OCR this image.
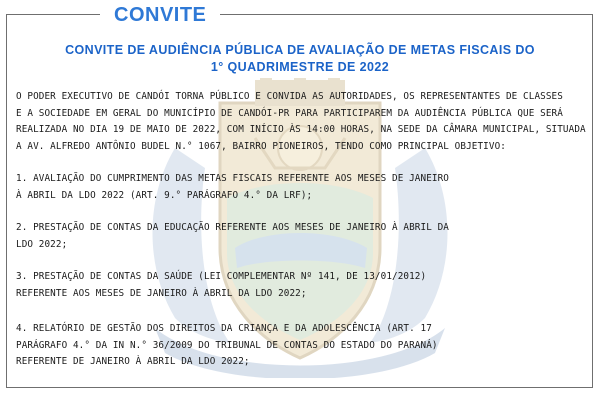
CONVITE
CONVITE DE AUDIÊNCIA PÚBLICA DE AVALIAÇÃO DE METAS FISCAIS DO
1° QUADRIMESTRE DE 2022
O PODER EXECUTIVO DE CANDÓI TORNA PÚBLICO E CONVIDA AS AUTORIDADES, OS REPRESENTANTES DE CLASSES
E A SOCIEDADE EM GERAL DO MUNICÍPIO DE CANDÓI-PR PARA PARTICIPAREM DA AUDIÊNCIA PÚBLICA QUE SERÁ
REALIZADA NO DIA 19 DE MAIO DE 2022, COM INÍCIO ÀS 14:00 HORAS, NA SEDE DA CÂMARA MUNICIPAL, SITUADA
A AV. ALFREDO ANTÔNIO BUDEL N.° 1067, BAIRRO PIONEIROS, TENDO COMO PRINCIPAL OBJETIVO:
1. AVALIAÇÃO DO CUMPRIMENTO DAS METAS FISCAIS REFERENTE AOS MESES DE JANEIRO
À ABRIL DA LDO 2022 (ART. 9.° PARÁGRAFO 4.° DA LRF);
2. PRESTAÇÃO DE CONTAS DA EDUCAÇÃO REFERENTE AOS MESES DE JANEIRO À ABRIL DA
LDO 2022;
3. PRESTAÇÃO DE CONTAS DA SAÚDE (LEI COMPLEMENTAR Nº 141, DE 13/01/2012)
REFERENTE AOS MESES DE JANEIRO À ABRIL DA LDO 2022;
4. RELATÓRIO DE GESTÃO DOS DIREITOS DA CRIANÇA E DA ADOLESCÊNCIA (ART. 17
PARÁGRAFO 4.° DA IN N.° 36/2009 DO TRIBUNAL DE CONTAS DO ESTADO DO PARANÁ)
REFERENTE DE JANEIRO À ABRIL DA LDO 2022;
